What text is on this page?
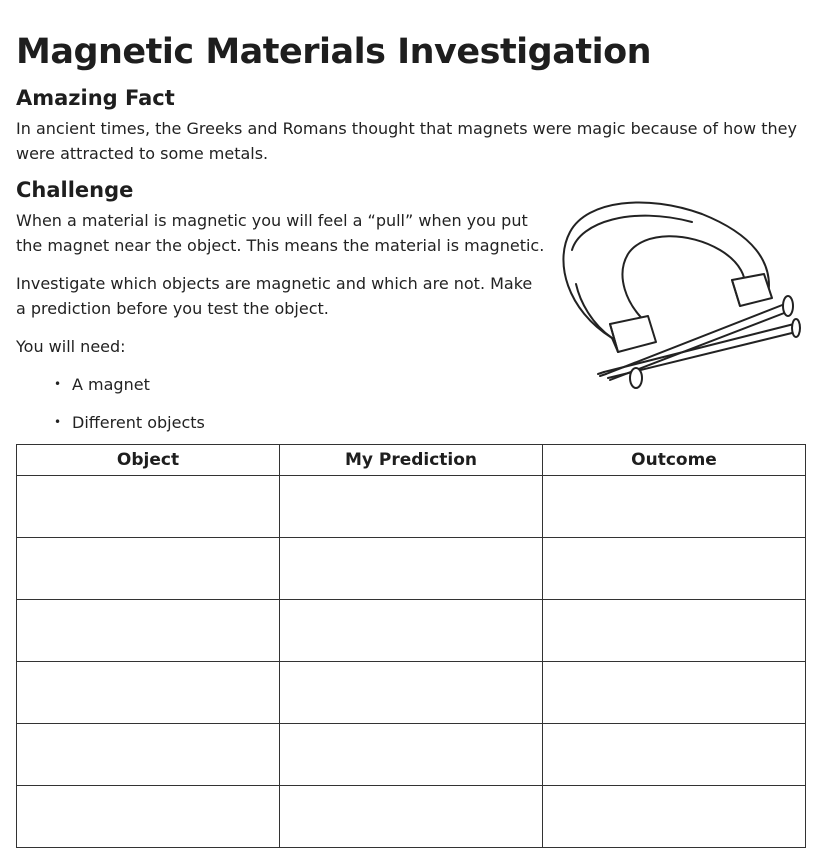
Magnetic Materials Investigation
Amazing Fact
In ancient times, the Greeks and Romans thought that magnets were magic because of how they
were attracted to some metals.
Challenge
When a material is magnetic you will feel a “pull” when you put
the magnet near the object. This means the material is magnetic.
Investigate which objects are magnetic and which are not. Make
a prediction before you test the object.
You will need:
• A magnet
• Different objects
Object	My Prediction	Outcome
